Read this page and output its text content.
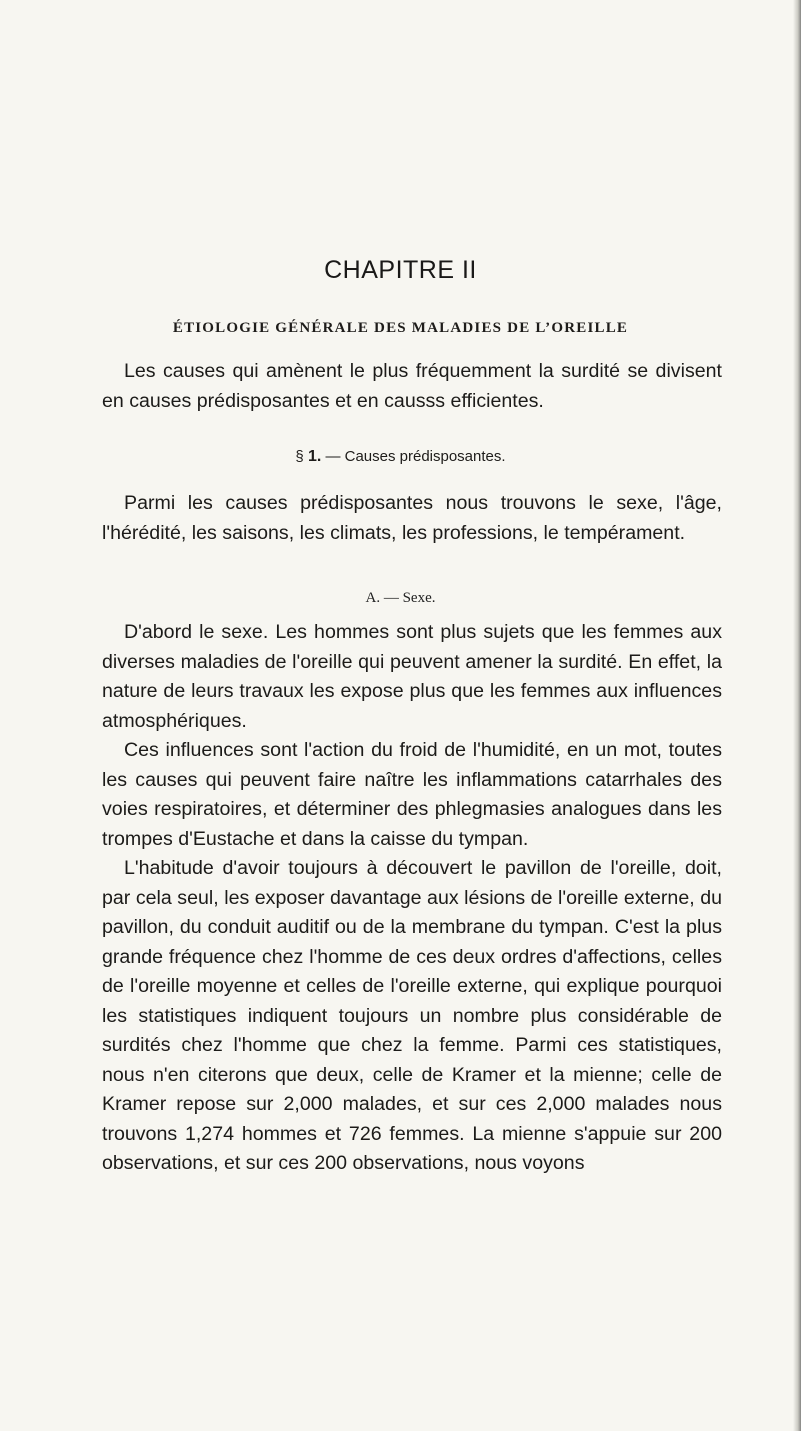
CHAPITRE II
ÉTIOLOGIE GÉNÉRALE DES MALADIES DE L’OREILLE

Les causes qui amènent le plus fréquemment la surdité se divisent en causes prédisposantes et en causss efficientes.

§ 1. — Causes prédisposantes.

Parmi les causes prédisposantes nous trouvons le sexe, l'âge, l'hérédité, les saisons, les climats, les professions, le tempérament.

A. — Sexe.

D'abord le sexe. Les hommes sont plus sujets que les femmes aux diverses maladies de l'oreille qui peuvent amener la surdité. En effet, la nature de leurs travaux les expose plus que les femmes aux influences atmosphériques.

Ces influences sont l'action du froid de l'humidité, en un mot, toutes les causes qui peuvent faire naître les inflammations catarrhales des voies respiratoires, et déterminer des phlegmasies analogues dans les trompes d'Eustache et dans la caisse du tympan.

L'habitude d'avoir toujours à découvert le pavillon de l'oreille, doit, par cela seul, les exposer davantage aux lésions de l'oreille externe, du pavillon, du conduit auditif ou de la membrane du tympan. C'est la plus grande fréquence chez l'homme de ces deux ordres d'affections, celles de l'oreille moyenne et celles de l'oreille externe, qui explique pourquoi les statistiques indiquent toujours un nombre plus considérable de surdités chez l'homme que chez la femme. Parmi ces statistiques, nous n'en citerons que deux, celle de Kramer et la mienne; celle de Kramer repose sur 2,000 malades, et sur ces 2,000 malades nous trouvons 1,274 hommes et 726 femmes. La mienne s'appuie sur 200 observations, et sur ces 200 observations, nous voyons
